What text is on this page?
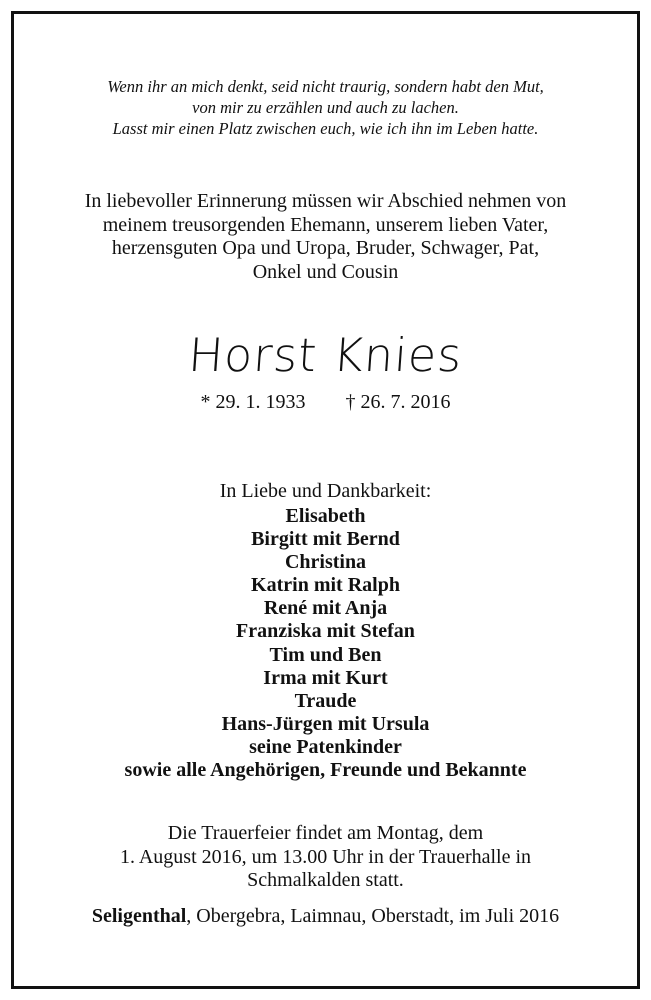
Wenn ihr an mich denkt, seid nicht traurig, sondern habt den Mut,
von mir zu erzählen und auch zu lachen.
Lasst mir einen Platz zwischen euch, wie ich ihn im Leben hatte.
In liebevoller Erinnerung müssen wir Abschied nehmen von
meinem treusorgenden Ehemann, unserem lieben Vater,
herzensguten Opa und Uropa, Bruder, Schwager, Pat,
Onkel und Cousin
Horst Knies
* 29. 1. 1933 † 26. 7. 2016
In Liebe und Dankbarkeit:
Elisabeth
Birgitt mit Bernd
Christina
Katrin mit Ralph
René mit Anja
Franziska mit Stefan
Tim und Ben
Irma mit Kurt
Traude
Hans-Jürgen mit Ursula
seine Patenkinder
sowie alle Angehörigen, Freunde und Bekannte
Die Trauerfeier findet am Montag, dem
1. August 2016, um 13.00 Uhr in der Trauerhalle in
Schmalkalden statt.
Seligenthal, Obergebra, Laimnau, Oberstadt, im Juli 2016
